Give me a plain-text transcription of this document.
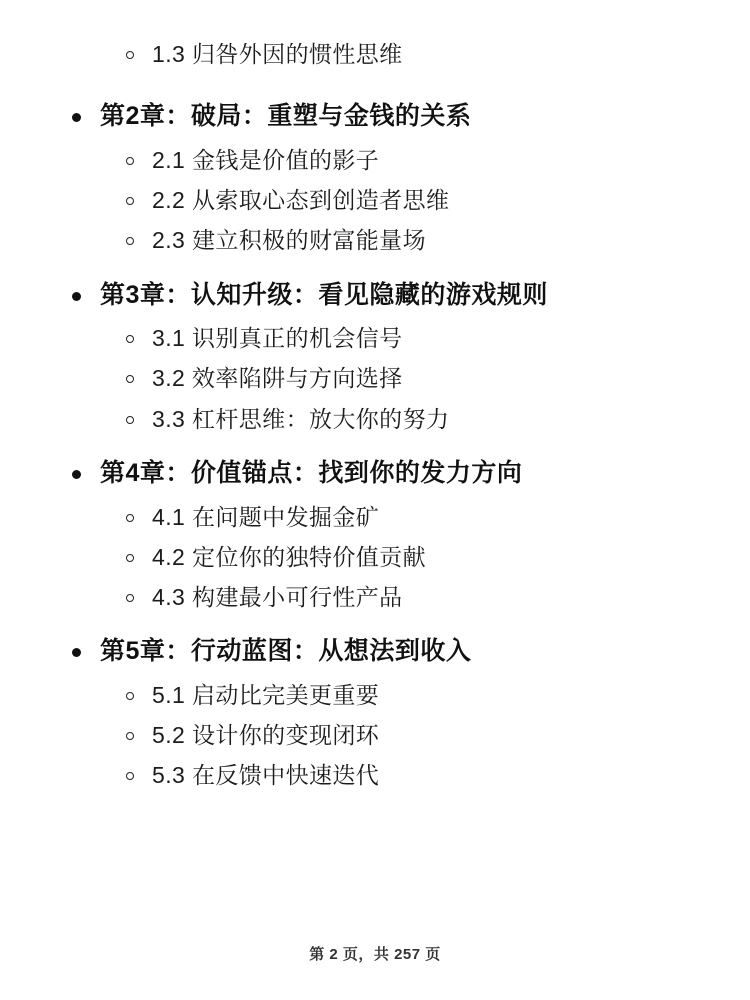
1.3 归咎外因的惯性思维
第2章：破局：重塑与金钱的关系
2.1 金钱是价值的影子
2.2 从索取心态到创造者思维
2.3 建立积极的财富能量场
第3章：认知升级：看见隐藏的游戏规则
3.1 识别真正的机会信号
3.2 效率陷阱与方向选择
3.3 杠杆思维：放大你的努力
第4章：价值锚点：找到你的发力方向
4.1 在问题中发掘金矿
4.2 定位你的独特价值贡献
4.3 构建最小可行性产品
第5章：行动蓝图：从想法到收入
5.1 启动比完美更重要
5.2 设计你的变现闭环
5.3 在反馈中快速迭代
第 2 页，共 257 页
